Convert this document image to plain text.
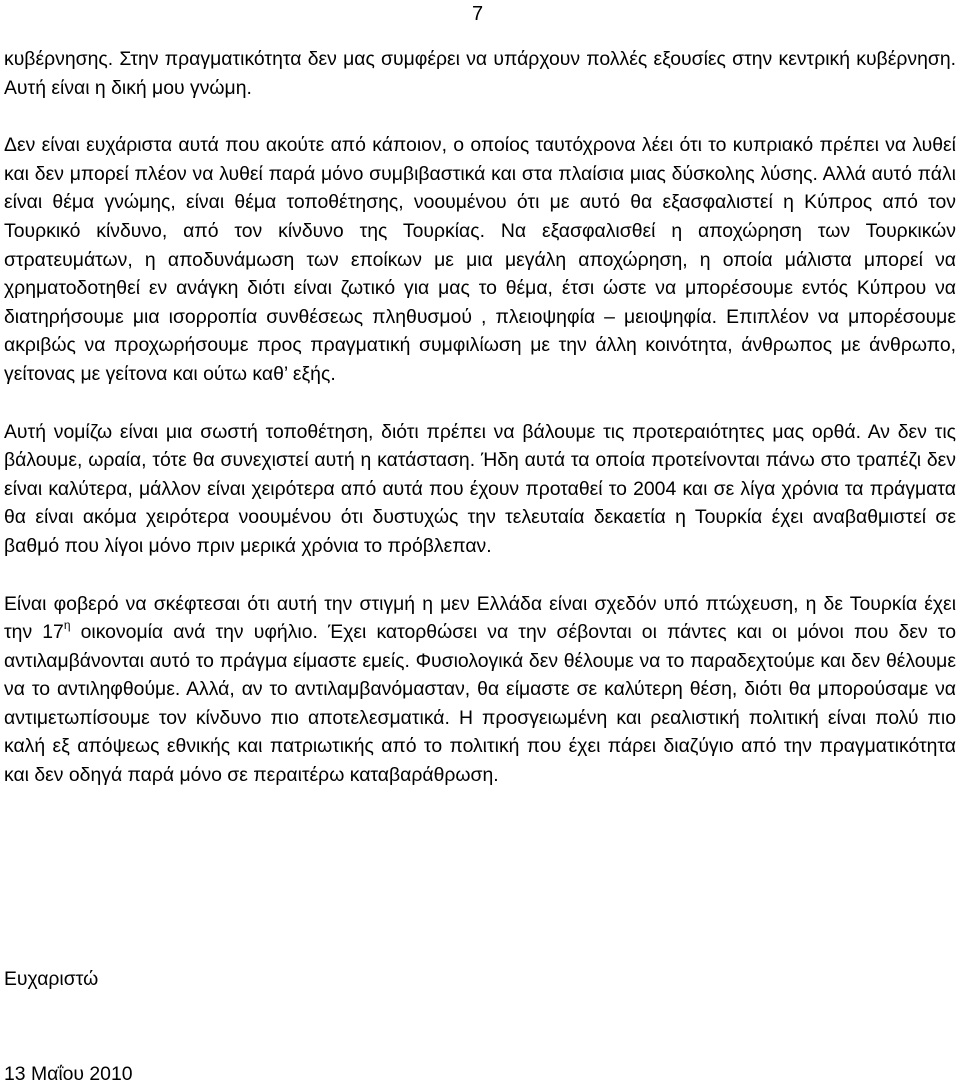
7

κυβέρνησης. Στην πραγματικότητα δεν μας συμφέρει να υπάρχουν πολλές εξουσίες στην κεντρική κυβέρνηση. Αυτή είναι η δική μου γνώμη.

Δεν είναι ευχάριστα αυτά που ακούτε από κάποιον, ο οποίος ταυτόχρονα λέει ότι το κυπριακό πρέπει να λυθεί και δεν μπορεί πλέον να λυθεί παρά μόνο συμβιβαστικά και στα πλαίσια μιας δύσκολης λύσης. Αλλά αυτό πάλι είναι θέμα γνώμης, είναι θέμα τοποθέτησης, νοουμένου ότι με αυτό θα εξασφαλιστεί η Κύπρος από τον Τουρκικό κίνδυνο, από τον κίνδυνο της Τουρκίας. Να εξασφαλισθεί η αποχώρηση των Τουρκικών στρατευμάτων, η αποδυνάμωση των εποίκων με μια μεγάλη αποχώρηση, η οποία μάλιστα μπορεί να χρηματοδοτηθεί εν ανάγκη διότι είναι ζωτικό για μας το θέμα, έτσι ώστε να μπορέσουμε εντός Κύπρου να διατηρήσουμε μια ισορροπία συνθέσεως πληθυσμού , πλειοψηφία – μειοψηφία. Επιπλέον να μπορέσουμε ακριβώς να προχωρήσουμε προς πραγματική συμφιλίωση με την άλλη κοινότητα, άνθρωπος με άνθρωπο, γείτονας με γείτονα και ούτω καθ’ εξής.

Αυτή νομίζω είναι μια σωστή τοποθέτηση, διότι πρέπει να βάλουμε τις προτεραιότητες μας ορθά. Αν δεν τις βάλουμε, ωραία, τότε θα συνεχιστεί αυτή η κατάσταση. Ήδη αυτά τα οποία προτείνονται πάνω στο τραπέζι δεν είναι καλύτερα, μάλλον είναι χειρότερα από αυτά που έχουν προταθεί το 2004 και σε λίγα χρόνια τα πράγματα θα είναι ακόμα χειρότερα νοουμένου ότι δυστυχώς την τελευταία δεκαετία η Τουρκία έχει αναβαθμιστεί σε βαθμό που λίγοι μόνο πριν μερικά χρόνια το πρόβλεπαν.

Είναι φοβερό να σκέφτεσαι ότι αυτή την στιγμή η μεν Ελλάδα είναι σχεδόν υπό πτώχευση, η δε Τουρκία έχει την $17^\eta$ οικονομία ανά την υφήλιο. Έχει κατορθώσει να την σέβονται οι πάντες και οι μόνοι που δεν το αντιλαμβάνονται αυτό το πράγμα είμαστε εμείς. Φυσιολογικά δεν θέλουμε να το παραδεχτούμε και δεν θέλουμε να το αντιληφθούμε. Αλλά, αν το αντιλαμβανόμασταν, θα είμαστε σε καλύτερη θέση, διότι θα μπορούσαμε να αντιμετωπίσουμε τον κίνδυνο πιο αποτελεσματικά. Η προσγειωμένη και ρεαλιστική πολιτική είναι πολύ πιο καλή εξ απόψεως εθνικής και πατριωτικής από το πολιτική που έχει πάρει διαζύγιο από την πραγματικότητα και δεν οδηγά παρά μόνο σε περαιτέρω καταβαράθρωση.

Ευχαριστώ
13 Μαΐου 2010
